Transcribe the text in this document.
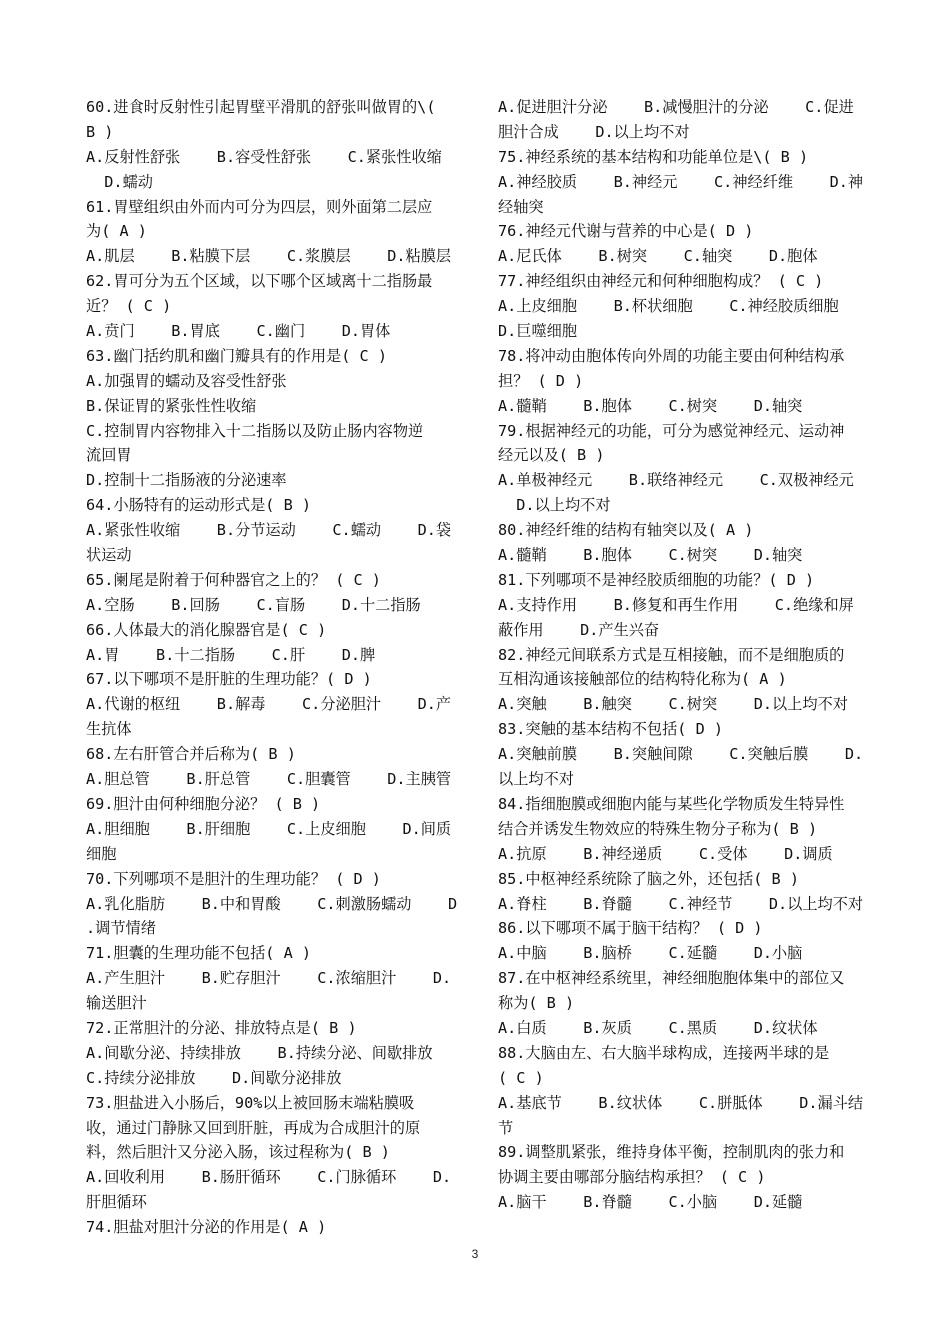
60.进食时反射性引起胃壁平滑肌的舒张叫做胃的\(
B )
A.反射性舒张    B.容受性舒张    C.紧张性收缩
D.蠕动
61.胃壁组织由外而内可分为四层，则外面第二层应
为( A )
A.肌层    B.粘膜下层    C.浆膜层    D.粘膜层
62.胃可分为五个区域，以下哪个区域离十二指肠最
近？ ( C )
A.贲门    B.胃底    C.幽门    D.胃体
63.幽门括约肌和幽门瓣具有的作用是( C )
A.加强胃的蠕动及容受性舒张
B.保证胃的紧张性性收缩
C.控制胃内容物排入十二指肠以及防止肠内容物逆
流回胃
D.控制十二指肠液的分泌速率
64.小肠特有的运动形式是( B )
A.紧张性收缩    B.分节运动    C.蠕动    D.袋
状运动
65.阑尾是附着于何种器官之上的？ ( C )
A.空肠    B.回肠    C.盲肠    D.十二指肠
66.人体最大的消化腺器官是( C )
A.胃    B.十二指肠    C.肝    D.脾
67.以下哪项不是肝脏的生理功能？( D )
A.代谢的枢纽    B.解毒    C.分泌胆汁    D.产
生抗体
68.左右肝管合并后称为( B )
A.胆总管    B.肝总管    C.胆囊管    D.主胰管
69.胆汁由何种细胞分泌？ ( B )
A.胆细胞    B.肝细胞    C.上皮细胞    D.间质
细胞
70.下列哪项不是胆汁的生理功能？ ( D )
A.乳化脂肪    B.中和胃酸    C.刺激肠蠕动    D
.调节情绪
71.胆囊的生理功能不包括( A )
A.产生胆汁    B.贮存胆汁    C.浓缩胆汁    D.
输送胆汁
72.正常胆汁的分泌、排放特点是( B )
A.间歇分泌、持续排放    B.持续分泌、间歇排放
C.持续分泌排放    D.间歇分泌排放
73.胆盐进入小肠后，90%以上被回肠末端粘膜吸
收，通过门静脉又回到肝脏，再成为合成胆汁的原
料，然后胆汁又分泌入肠，该过程称为( B )
A.回收利用    B.肠肝循环    C.门脉循环    D.
肝胆循环
74.胆盐对胆汁分泌的作用是( A )
A.促进胆汁分泌    B.减慢胆汁的分泌    C.促进
胆汁合成    D.以上均不对
75.神经系统的基本结构和功能单位是\( B )
A.神经胶质    B.神经元    C.神经纤维    D.神
经轴突
76.神经元代谢与营养的中心是( D )
A.尼氏体    B.树突    C.轴突    D.胞体
77.神经组织由神经元和何种细胞构成？ ( C )
A.上皮细胞    B.杯状细胞    C.神经胶质细胞
D.巨噬细胞
78.将冲动由胞体传向外周的功能主要由何种结构承
担？ ( D )
A.髓鞘    B.胞体    C.树突    D.轴突
79.根据神经元的功能，可分为感觉神经元、运动神
经元以及( B )
A.单极神经元    B.联络神经元    C.双极神经元
D.以上均不对
80.神经纤维的结构有轴突以及( A )
A.髓鞘    B.胞体    C.树突    D.轴突
81.下列哪项不是神经胶质细胞的功能？( D )
A.支持作用    B.修复和再生作用    C.绝缘和屏
蔽作用    D.产生兴奋
82.神经元间联系方式是互相接触，而不是细胞质的
互相沟通该接触部位的结构特化称为( A )
A.突触    B.触突    C.树突    D.以上均不对
83.突触的基本结构不包括( D )
A.突触前膜    B.突触间隙    C.突触后膜    D.
以上均不对
84.指细胞膜或细胞内能与某些化学物质发生特异性
结合并诱发生物效应的特殊生物分子称为( B )
A.抗原    B.神经递质    C.受体    D.调质
85.中枢神经系统除了脑之外，还包括( B )
A.脊柱    B.脊髓    C.神经节    D.以上均不对
86.以下哪项不属于脑干结构？ ( D )
A.中脑    B.脑桥    C.延髓    D.小脑
87.在中枢神经系统里，神经细胞胞体集中的部位又
称为( B )
A.白质    B.灰质    C.黑质    D.纹状体
88.大脑由左、右大脑半球构成，连接两半球的是
( C )
A.基底节    B.纹状体    C.胼胝体    D.漏斗结
节
89.调整肌紧张，维持身体平衡，控制肌肉的张力和
协调主要由哪部分脑结构承担？ ( C )
A.脑干    B.脊髓    C.小脑    D.延髓
3
